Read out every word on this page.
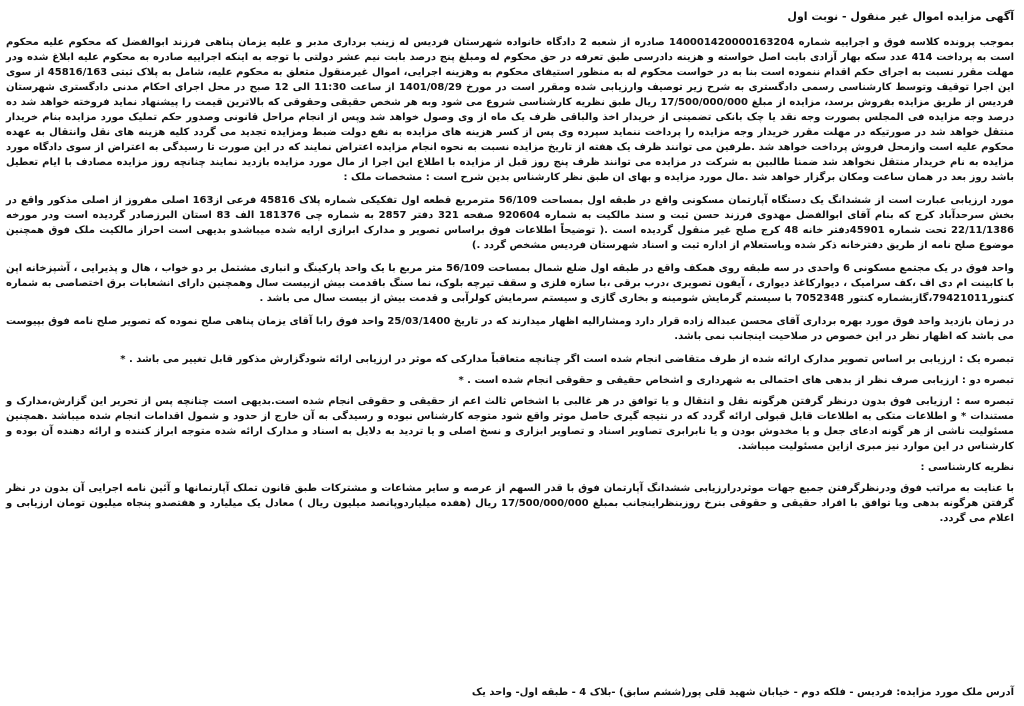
آگهی مزایده اموال غیر منقول - نوبت اول
بموجب پرونده کلاسه فوق و اجراییه شماره 140001420000163204 صادره از شعبه 2 دادگاه خانواده شهرستان فردیس له زینب برداری مدبر و علیه یزمان پناهی فرزند ابوالفضل که محکوم علیه محکوم است به پرداخت 414 عدد سکه بهار آزادی بابت اصل خواسته و هزینه دادرسی طبق تعرفه در حق محکوم له ومبلغ پنج درصد بابت نیم عشر دولتی با توجه به اینکه اجراییه صادره به محکوم علیه ابلاغ شده ودر مهلت مقرر نسبت به اجرای حکم اقدام ننموده است بنا به در خواست محکوم له به منظور استیفای محکوم به وهزینه اجرایی، اموال غیرمنقول متعلق به محکوم علیه، شامل به پلاک ثبتی 45816/163 از سوی این اجرا توقیف وتوسط کارشناسی رسمی دادگستری به شرح زیر توصیف وارزیابی شده ومقرر است در مورخ 1401/08/29 از ساعت 11:30 الی 12 صبح در محل اجرای احکام مدنی دادگستری شهرستان فردیس از طریق مزایده بفروش برسد، مزایده از مبلغ 17/500/000/000 ریال طبق نظریه کارشناسی شروع می شود وبه هر شخص حقیقی وحقوقی که بالاترین قیمت را پیشنهاد نماید فروخته خواهد شد ده درصد وجه مزایده فی المجلس بصورت وجه نقد یا چک بانکی تضمینی از خریدار اخذ والباقی ظرف یک ماه از وی وصول خواهد شد وپس از انجام مراحل قانونی وصدور حکم تملیک مورد مزایده بنام خریدار منتقل خواهد شد در صورتیکه در مهلت مقرر خریدار وجه مزایده را پرداخت ننماید سپرده وی پس از کسر هزینه های مزایده به نفع دولت ضبط ومزایده تجدید می گردد کلیه هزینه های نقل وانتقال به عهده محکوم علیه است وازمحل فروش پرداخت خواهد شد .طرفین می توانند ظرف یک هفته از تاریخ مزایده نسبت به نحوه انجام مزایده اعتراض نمایند که در این صورت تا رسیدگی به اعتراض از سوی دادگاه مورد مزایده به نام خریدار منتقل نخواهد شد ضمنا طالبین به شرکت در مزایده می توانند ظرف پنج روز قبل از مزایده با اطلاع این اجرا از مال مورد مزایده بازدید نمایند چنانچه روز مزایده مصادف با ایام تعطیل باشد روز بعد در همان ساعت ومکان برگزار خواهد شد .مال مورد مزایده و بهای ان طبق نظر کارشناس بدین شرح است : مشخصات ملک :
مورد ارزیابی عبارت است از ششدانگ یک دستگاه آپارتمان مسکونی واقع در طبقه اول بمساحت 56/109 مترمربع قطعه اول تفکیکی شماره پلاک 45816 فرعی از163 اصلی مفروز از اصلی مذکور واقع در بخش سرحدآباد کرج که بنام آقای ابوالفضل مهدوی فرزند حسن ثبت و سند مالکیت به شماره 920604 صفحه 321 دفتر 2857 به شماره چی 181376 الف 83 استان البرزصادر گردیده است ودر مورخه 22/11/1386 تحت شماره 45901دفتر خانه 48 کرج صلح غیر منقول گردیده است .( توضیحاً اطلاعات فوق براساس تصویر و مدارک ابرازی ارایه شده میباشدو بدیهی است احراز مالکیت ملک فوق همچنین موضوع صلح نامه از طریق دفترخانه ذکر شده وباستعلام از اداره ثبت و اسناد شهرستان فردیس مشخص گردد .)
واحد فوق در یک مجتمع مسکونی 6 واحدی در سه طبقه روی همکف واقع در طبقه اول ضلع شمال بمساحت 56/109 متر مربع با یک واحد پارکینگ و انباری مشتمل بر دو خواب ، هال و پذیرایی ، آشپزخانه اپن با کابینت ام دی اف ،کف سرامیک ، دیوارکاغذ دیواری ، آیفون تصویری ،درب برقی ،با سازه فلزی و سقف تیرچه بلوک، نما سنگ باقدمت بیش ازبیست سال وهمچنین دارای انشعابات برق اختصاصی به شماره کنتور79421011،گازبشماره کنتور 7052348 با سیستم گرمایش شومینه و بخاری گازی و سیستم سرمایش کولرآبی و قدمت بیش از بیست سال می باشد .
در زمان بازدید واحد فوق مورد بهره برداری آقای محسن عبداله زاده قرار دارد ومشارالیه اظهار میدارند که در تاریخ 25/03/1400 واحد فوق رابا آقای یزمان پناهی صلح نموده که تصویر صلح نامه فوق بپیوست می باشد که اظهار نظر در این خصوص در صلاحیت اینجانب نمی باشد.
تبصره یک : ارزیابی بر اساس تصویر مدارک ارائه شده از طرف متقاضی انجام شده است اگر چنانچه متعاقباً مدارکی که موثر در ارزیابی ارائه شودگزارش مذکور قابل تغییر می باشد . *
تبصره دو : ارزیابی صرف نظر از بدهی های احتمالی به شهرداری و اشخاص حقیقی و حقوقی انجام شده است . *
تبصره سه : ارزیابی فوق بدون درنظر گرفتن هرگونه نقل و انتقال و یا توافق در هر غالبی با اشخاص ثالث اعم از حقیقی و حقوقی انجام شده است.بدیهی است چنانچه پس از تحریر این گزارش،مدارک و مستندات * و اطلاعات متکی به اطلاعات قابل قبولی ارائه گردد که در نتیجه گیری حاصل موثر واقع شود متوجه کارشناس نبوده و رسیدگی به آن خارج از حدود و شمول اقدامات انجام شده میباشد .همچنین مسئولیت ناشی از هر گونه ادعای جعل و یا مخدوش بودن و یا نابرابری تصاویر اسناد و تصاویر ابزاری و نسخ اصلی و یا تردید به دلایل به اسناد و مدارک ارائه شده متوجه ابراز کننده و ارائه دهنده آن بوده و کارشناس در این موارد نیز مبری ازاین مسئولیت میباشد.
نظریه کارشناسی :
با عنایت به مراتب فوق ودرنظرگرفتن جمیع جهات موثردرارزیابی ششدانگ آپارتمان فوق با قدر السهم از عرصه و سایر مشاعات و مشترکات طبق قانون تملک آپارتمانها و آئین نامه اجرایی آن بدون در نظر گرفتن هرگونه بدهی ویا توافق با افراد حقیقی و حقوقی بنرخ روزبنظراینجانب بمبلغ 17/500/000/000 ریال (هفده میلیاردوپانصد میلیون ریال ) معادل یک میلیارد و هفتصدو پنجاه میلیون تومان ارزیابی و اعلام می گردد.
آدرس ملک مورد مزایده: فردیس - فلکه دوم - خیابان شهید قلی پور(ششم سابق) -بلاک 4 - طبقه اول- واحد یک
